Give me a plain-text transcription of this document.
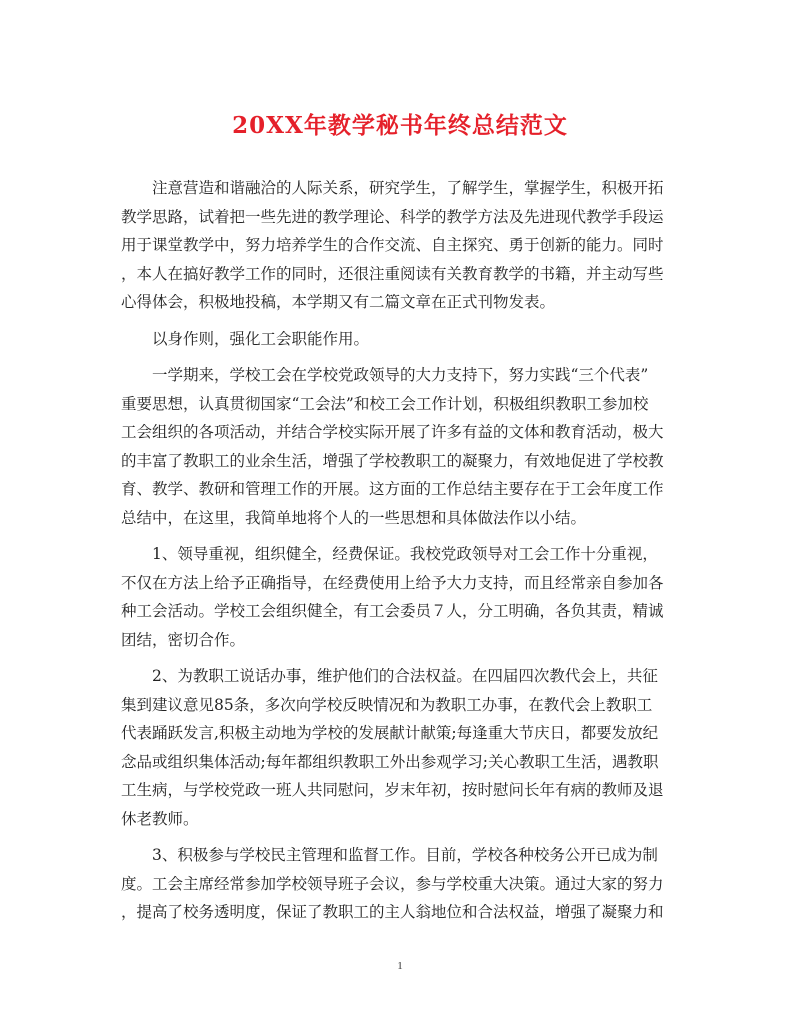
20XX年教学秘书年终总结范文
注意营造和谐融洽的人际关系，研究学生，了解学生，掌握学生，积极开拓
教学思路，试着把一些先进的教学理论、科学的教学方法及先进现代教学手段运
用于课堂教学中，努力培养学生的合作交流、自主探究、勇于创新的能力。同时
，本人在搞好教学工作的同时，还很注重阅读有关教育教学的书籍，并主动写些
心得体会，积极地投稿，本学期又有二篇文章在正式刊物发表。
以身作则，强化工会职能作用。
一学期来，学校工会在学校党政领导的大力支持下，努力实践“三个代表”
重要思想，认真贯彻国家“工会法”和校工会工作计划，积极组织教职工参加校
工会组织的各项活动，并结合学校实际开展了许多有益的文体和教育活动，极大
的丰富了教职工的业余生活，增强了学校教职工的凝聚力，有效地促进了学校教
育、教学、教研和管理工作的开展。这方面的工作总结主要存在于工会年度工作
总结中，在这里，我简单地将个人的一些思想和具体做法作以小结。
1、领导重视，组织健全，经费保证。我校党政领导对工会工作十分重视，
不仅在方法上给予正确指导，在经费使用上给予大力支持，而且经常亲自参加各
种工会活动。学校工会组织健全，有工会委员７人，分工明确，各负其责，精诚
团结，密切合作。
2、为教职工说话办事，维护他们的合法权益。在四届四次教代会上，共征
集到建议意见85条，多次向学校反映情况和为教职工办事，在教代会上教职工
代表踊跃发言,积极主动地为学校的发展献计献策;每逢重大节庆日，都要发放纪
念品或组织集体活动;每年都组织教职工外出参观学习;关心教职工生活，遇教职
工生病，与学校党政一班人共同慰问，岁末年初，按时慰问长年有病的教师及退
休老教师。
3、积极参与学校民主管理和监督工作。目前，学校各种校务公开已成为制
度。工会主席经常参加学校领导班子会议，参与学校重大决策。通过大家的努力
，提高了校务透明度，保证了教职工的主人翁地位和合法权益，增强了凝聚力和
1
